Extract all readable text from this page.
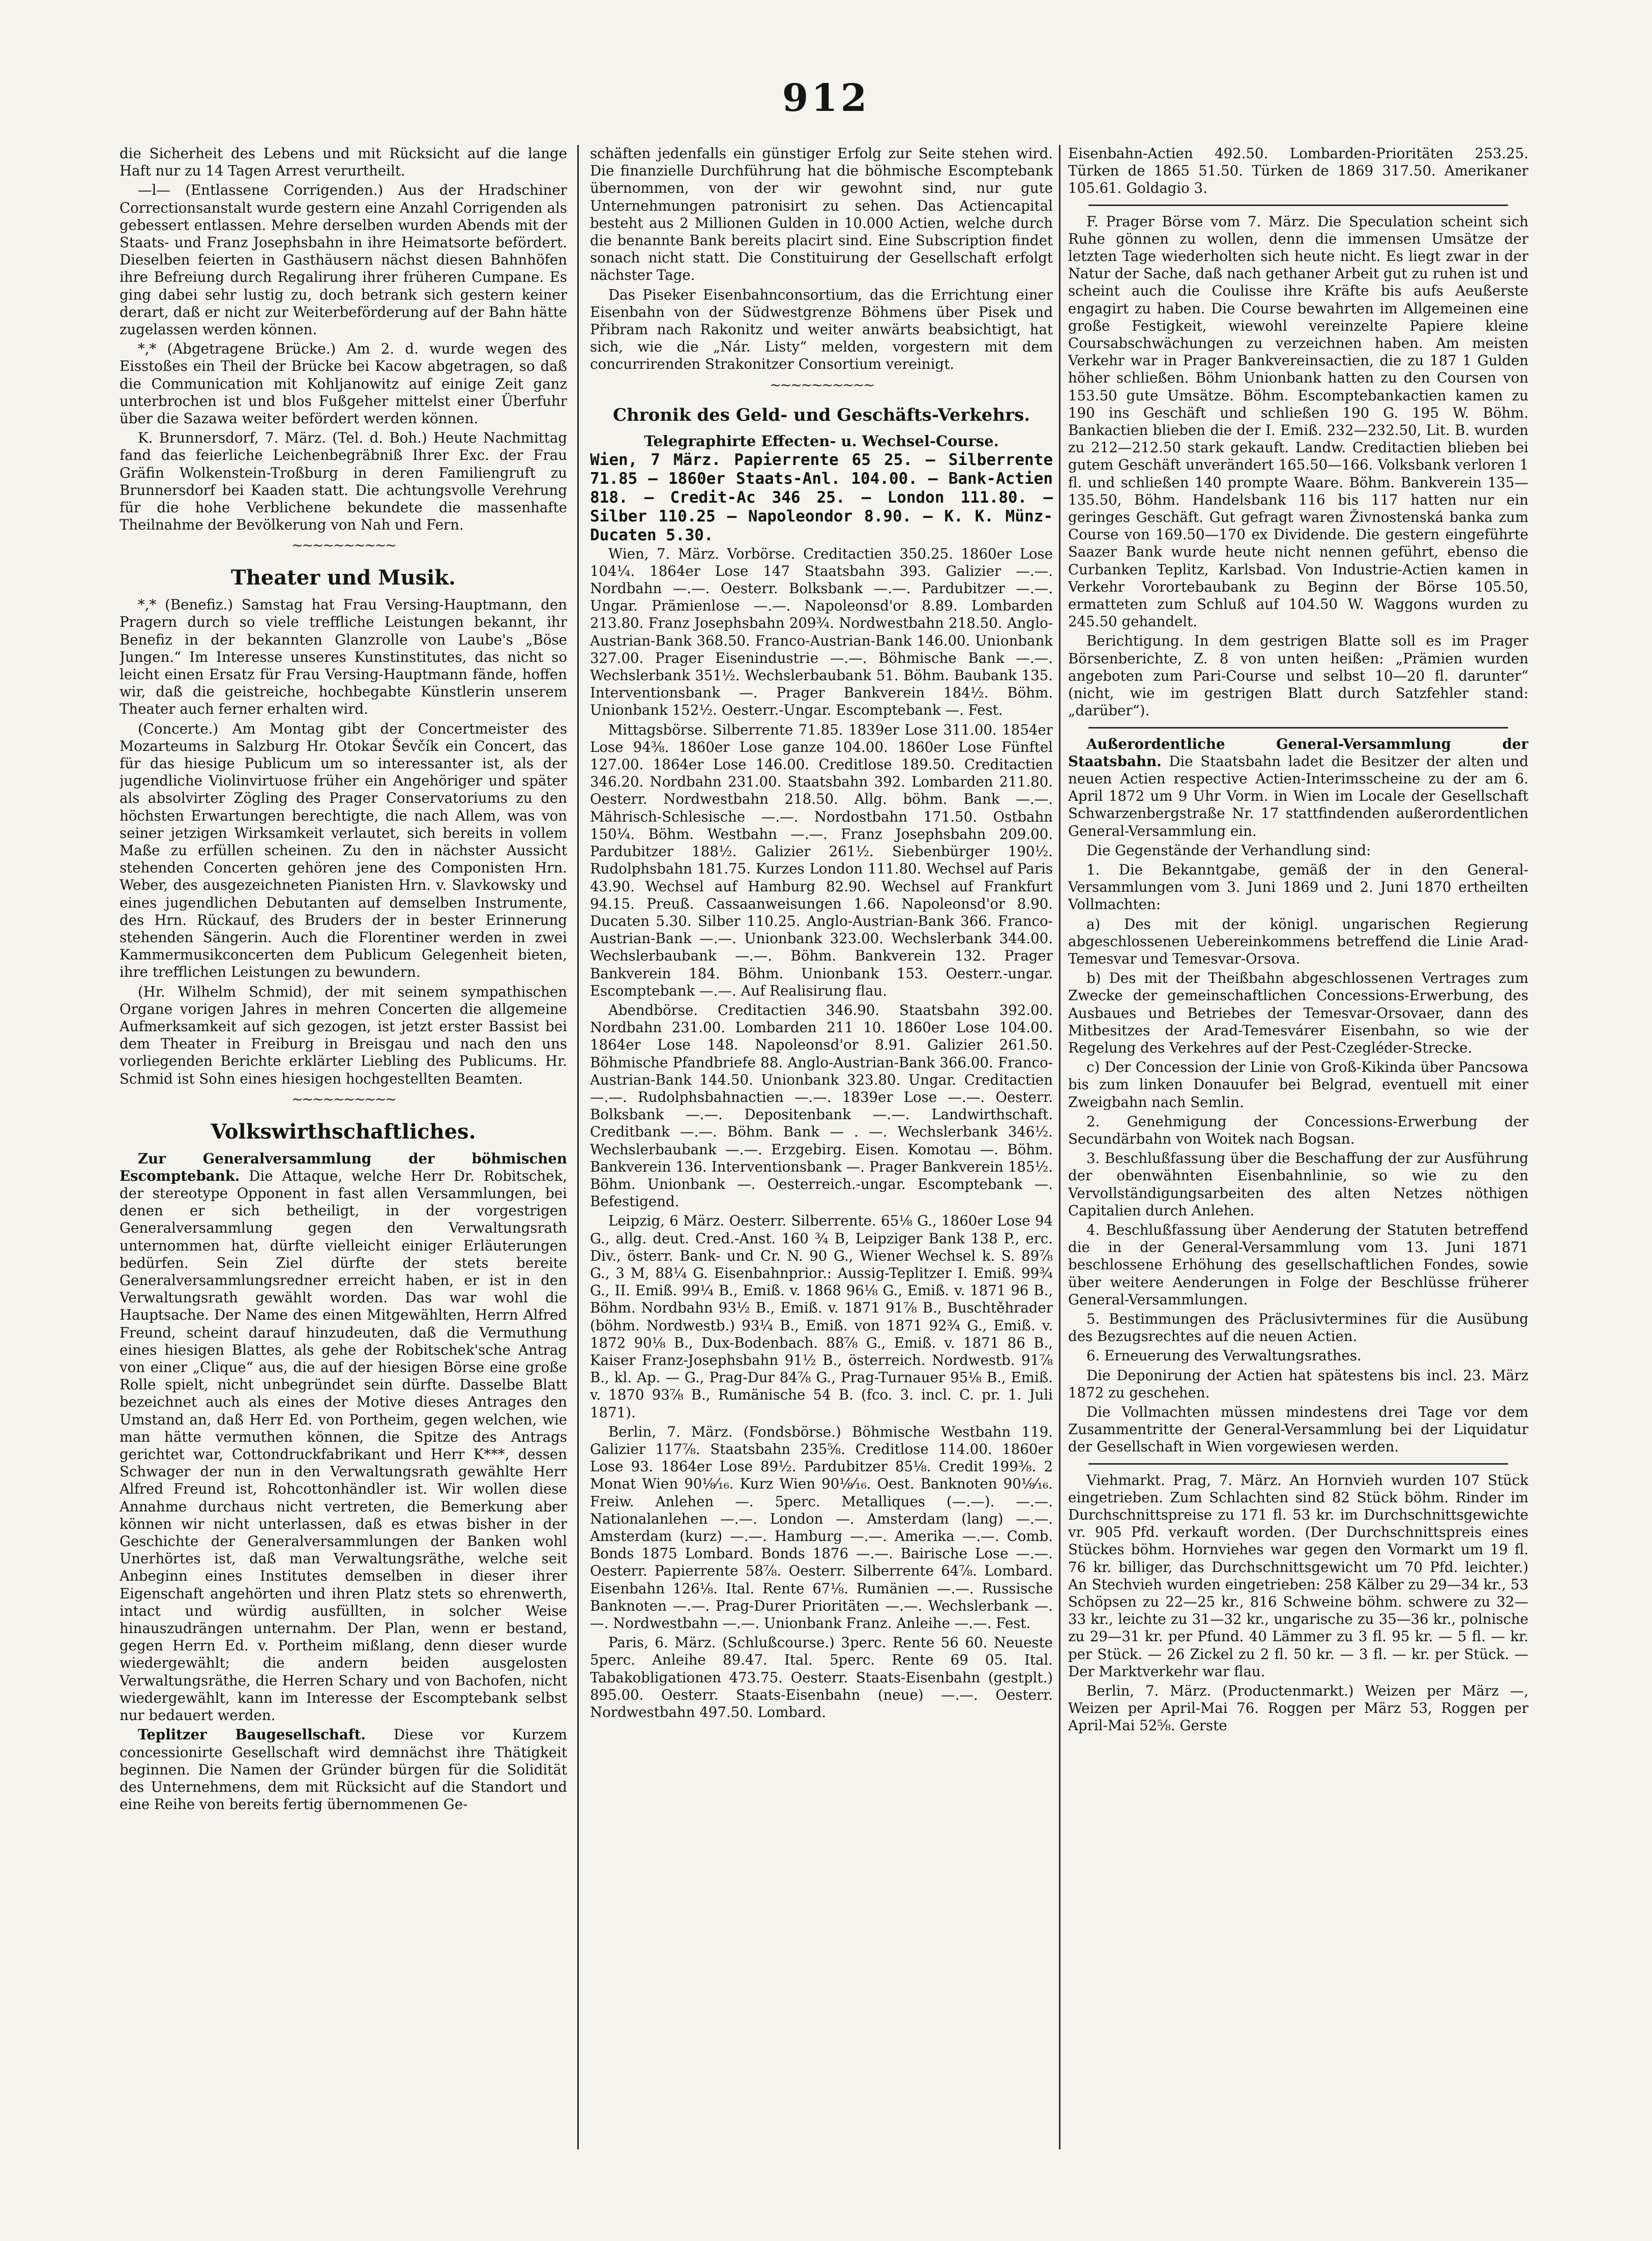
912

die Sicherheit des Lebens und mit Rücksicht auf die lange Haft nur zu 14 Tagen Arrest verurtheilt.

—l— (Entlassene Corrigenden.) Aus der Hradschiner Correctionsanstalt wurde gestern eine Anzahl Corrigenden als gebessert entlassen. Mehre derselben wurden Abends mit der Staats- und Franz Josephsbahn in ihre Heimatsorte befördert. Dieselben feierten in Gasthäusern nächst diesen Bahnhöfen ihre Befreiung durch Regalirung ihrer früheren Cumpane. Es ging dabei sehr lustig zu, doch betrank sich gestern keiner derart, daß er nicht zur Weiterbeförderung auf der Bahn hätte zugelassen werden können.

*,* (Abgetragene Brücke.) Am 2. d. wurde wegen des Eisstoßes ein Theil der Brücke bei Kacow abgetragen, so daß die Communication mit Kohljanowitz auf einige Zeit ganz unterbrochen ist und blos Fußgeher mittelst einer Überfuhr über die Sazawa weiter befördert werden können.

K. Brunnersdorf, 7. März. (Tel. d. Boh.) Heute Nachmittag fand das feierliche Leichenbegräbniß Ihrer Exc. der Frau Gräfin Wolkenstein-Troßburg in deren Familiengruft zu Brunnersdorf bei Kaaden statt. Die achtungsvolle Verehrung für die hohe Verblichene bekundete die massenhafte Theilnahme der Bevölkerung von Nah und Fern.

~~~~~~~~~~
Theater und Musik.

*,* (Benefiz.) Samstag hat Frau Versing-Hauptmann, den Pragern durch so viele treffliche Leistungen bekannt, ihr Benefiz in der bekannten Glanzrolle von Laube's „Böse Jungen.“ Im Interesse unseres Kunstinstitutes, das nicht so leicht einen Ersatz für Frau Versing-Hauptmann fände, hoffen wir, daß die geistreiche, hochbegabte Künstlerin unserem Theater auch ferner erhalten wird.

(Concerte.) Am Montag gibt der Concertmeister des Mozarteums in Salzburg Hr. Otokar Ševčík ein Concert, das für das hiesige Publicum um so interessanter ist, als der jugendliche Violinvirtuose früher ein Angehöriger und später als absolvirter Zögling des Prager Conservatoriums zu den höchsten Erwartungen berechtigte, die nach Allem, was von seiner jetzigen Wirksamkeit verlautet, sich bereits in vollem Maße zu erfüllen scheinen. Zu den in nächster Aussicht stehenden Concerten gehören jene des Componisten Hrn. Weber, des ausgezeichneten Pianisten Hrn. v. Slavkowsky und eines jugendlichen Debutanten auf demselben Instrumente, des Hrn. Rückauf, des Bruders der in bester Erinnerung stehenden Sängerin. Auch die Florentiner werden in zwei Kammermusikconcerten dem Publicum Gelegenheit bieten, ihre trefflichen Leistungen zu bewundern.

(Hr. Wilhelm Schmid), der mit seinem sympathischen Organe vorigen Jahres in mehren Concerten die allgemeine Aufmerksamkeit auf sich gezogen, ist jetzt erster Bassist bei dem Theater in Freiburg in Breisgau und nach den uns vorliegenden Berichte erklärter Liebling des Publicums. Hr. Schmid ist Sohn eines hiesigen hochgestellten Beamten.

~~~~~~~~~~
Volkswirthschaftliches.

Zur Generalversammlung der böhmischen Escomptebank. Die Attaque, welche Herr Dr. Robitschek, der stereotype Opponent in fast allen Versammlungen, bei denen er sich betheiligt, in der vorgestrigen Generalversammlung gegen den Verwaltungsrath unternommen hat, dürfte vielleicht einiger Erläuterungen bedürfen. Sein Ziel dürfte der stets bereite Generalversammlungsredner erreicht haben, er ist in den Verwaltungsrath gewählt worden. Das war wohl die Hauptsache. Der Name des einen Mitgewählten, Herrn Alfred Freund, scheint darauf hinzudeuten, daß die Vermuthung eines hiesigen Blattes, als gehe der Robitschek'sche Antrag von einer „Clique“ aus, die auf der hiesigen Börse eine große Rolle spielt, nicht unbegründet sein dürfte. Dasselbe Blatt bezeichnet auch als eines der Motive dieses Antrages den Umstand an, daß Herr Ed. von Portheim, gegen welchen, wie man hätte vermuthen können, die Spitze des Antrags gerichtet war, Cottondruckfabrikant und Herr K***, dessen Schwager der nun in den Verwaltungsrath gewählte Herr Alfred Freund ist, Rohcottonhändler ist. Wir wollen diese Annahme durchaus nicht vertreten, die Bemerkung aber können wir nicht unterlassen, daß es etwas bisher in der Geschichte der Generalversammlungen der Banken wohl Unerhörtes ist, daß man Verwaltungsräthe, welche seit Anbeginn eines Institutes demselben in dieser ihrer Eigenschaft angehörten und ihren Platz stets so ehrenwerth, intact und würdig ausfüllten, in solcher Weise hinauszudrängen unternahm. Der Plan, wenn er bestand, gegen Herrn Ed. v. Portheim mißlang, denn dieser wurde wiedergewählt; die andern beiden ausgelosten Verwaltungsräthe, die Herren Schary und von Bachofen, nicht wiedergewählt, kann im Interesse der Escomptebank selbst nur bedauert werden.

Teplitzer Baugesellschaft. Diese vor Kurzem concessionirte Gesellschaft wird demnächst ihre Thätigkeit beginnen. Die Namen der Gründer bürgen für die Solidität des Unternehmens, dem mit Rücksicht auf die Standort und eine Reihe von bereits fertig übernommenen Ge-

schäften jedenfalls ein günstiger Erfolg zur Seite stehen wird. Die finanzielle Durchführung hat die böhmische Escomptebank übernommen, von der wir gewohnt sind, nur gute Unternehmungen patronisirt zu sehen. Das Actiencapital besteht aus 2 Millionen Gulden in 10.000 Actien, welche durch die benannte Bank bereits placirt sind. Eine Subscription findet sonach nicht statt. Die Constituirung der Gesellschaft erfolgt nächster Tage.

Das Piseker Eisenbahnconsortium, das die Errichtung einer Eisenbahn von der Südwestgrenze Böhmens über Pisek und Přibram nach Rakonitz und weiter anwärts beabsichtigt, hat sich, wie die „Nár. Listy“ melden, vorgestern mit dem concurrirenden Strakonitzer Consortium vereinigt.

~~~~~~~~~~
Chronik des Geld- und Geschäfts-Verkehrs.
Telegraphirte Effecten- u. Wechsel-Course.
Wien, 7 März. Papierrente 65 25. — Silberrente 71.85 — 1860er Staats-Anl. 104.00. — Bank-Actien 818. — Credit-Ac 346 25. — London 111.80. — Silber 110.25 — Napoleondor 8.90. — K. K. Münz-Ducaten 5.30.

Wien, 7. März. Vorbörse. Creditactien 350.25. 1860er Lose 104¼. 1864er Lose 147 Staatsbahn 393. Galizier —.—. Nordbahn —.—. Oesterr. Bolksbank —.—. Pardubitzer —.—. Ungar. Prämienlose —.—. Napoleonsd'or 8.89. Lombarden 213.80. Franz Josephsbahn 209¾. Nordwestbahn 218.50. Anglo-Austrian-Bank 368.50. Franco-Austrian-Bank 146.00. Unionbank 327.00. Prager Eisenindustrie —.—. Böhmische Bank —.—. Wechslerbank 351½. Wechslerbaubank 51. Böhm. Baubank 135. Interventionsbank —. Prager Bankverein 184½. Böhm. Unionbank 152½. Oesterr.-Ungar. Escomptebank —. Fest.

Mittagsbörse. Silberrente 71.85. 1839er Lose 311.00. 1854er Lose 94⅜. 1860er Lose ganze 104.00. 1860er Lose Fünftel 127.00. 1864er Lose 146.00. Creditlose 189.50. Creditactien 346.20. Nordbahn 231.00. Staatsbahn 392. Lombarden 211.80. Oesterr. Nordwestbahn 218.50. Allg. böhm. Bank —.—. Mährisch-Schlesische —.—. Nordostbahn 171.50. Ostbahn 150¼. Böhm. Westbahn —.—. Franz Josephsbahn 209.00. Pardubitzer 188½. Galizier 261½. Siebenbürger 190½. Rudolphsbahn 181.75. Kurzes London 111.80. Wechsel auf Paris 43.90. Wechsel auf Hamburg 82.90. Wechsel auf Frankfurt 94.15. Preuß. Cassaanweisungen 1.66. Napoleonsd'or 8.90. Ducaten 5.30. Silber 110.25. Anglo-Austrian-Bank 366. Franco-Austrian-Bank —.—. Unionbank 323.00. Wechslerbank 344.00. Wechslerbaubank —.—. Böhm. Bankverein 132. Prager Bankverein 184. Böhm. Unionbank 153. Oesterr.-ungar. Escomptebank —.—. Auf Realisirung flau.

Abendbörse. Creditactien 346.90. Staatsbahn 392.00. Nordbahn 231.00. Lombarden 211 10. 1860er Lose 104.00. 1864er Lose 148. Napoleonsd'or 8.91. Galizier 261.50. Böhmische Pfandbriefe 88. Anglo-Austrian-Bank 366.00. Franco-Austrian-Bank 144.50. Unionbank 323.80. Ungar. Creditactien —.—. Rudolphsbahnactien —.—. 1839er Lose —.—. Oesterr. Bolksbank —.—. Depositenbank —.—. Landwirthschaft. Creditbank —.—. Böhm. Bank — . —. Wechslerbank 346½. Wechslerbaubank —.—. Erzgebirg. Eisen. Komotau —. Böhm. Bankverein 136. Interventionsbank —. Prager Bankverein 185½. Böhm. Unionbank —. Oesterreich.-ungar. Escomptebank —. Befestigend.

Leipzig, 6 März. Oesterr. Silberrente. 65⅛ G., 1860er Lose 94 G., allg. deut. Cred.-Anst. 160 ¾ B, Leipziger Bank 138 P., erc. Div., österr. Bank- und Cr. N. 90 G., Wiener Wechsel k. S. 89⅞ G., 3 M, 88¼ G. Eisenbahnprior.: Aussig-Teplitzer I. Emiß. 99¾ G., II. Emiß. 99¼ B., Emiß. v. 1868 96⅛ G., Emiß. v. 1871 96 B., Böhm. Nordbahn 93½ B., Emiß. v. 1871 91⅞ B., Buschtěhrader (böhm. Nordwestb.) 93¼ B., Emiß. von 1871 92¾ G., Emiß. v. 1872 90⅛ B., Dux-Bodenbach. 88⅞ G., Emiß. v. 1871 86 B., Kaiser Franz-Josephsbahn 91½ B., österreich. Nordwestb. 91⅞ B., kl. Ap. — G., Prag-Dur 84⅞ G., Prag-Turnauer 95⅛ B., Emiß. v. 1870 93⅞ B., Rumänische 54 B. (fco. 3. incl. C. pr. 1. Juli 1871).

Berlin, 7. März. (Fondsbörse.) Böhmische Westbahn 119. Galizier 117⅞. Staatsbahn 235⅝. Creditlose 114.00. 1860er Lose 93. 1864er Lose 89½. Pardubitzer 85⅛. Credit 199⅜. 2 Monat Wien 90⅛⁄₁₆. Kurz Wien 90⅛⁄₁₆. Oest. Banknoten 90⅛⁄₁₆. Freiw. Anlehen —. 5perc. Metalliques (—.—). —.—. Nationalanlehen —.—. London —. Amsterdam (lang) —.—. Amsterdam (kurz) —.—. Hamburg —.—. Amerika —.—. Comb. Bonds 1875 Lombard. Bonds 1876 —.—. Bairische Lose —.—. Oesterr. Papierrente 58⅞. Oesterr. Silberrente 64⅞. Lombard. Eisenbahn 126⅛. Ital. Rente 67⅛. Rumänien —.—. Russische Banknoten —.—. Prag-Durer Prioritäten —.—. Wechslerbank —.—. Nordwestbahn —.—. Unionbank Franz. Anleihe —.—. Fest.

Paris, 6. März. (Schlußcourse.) 3perc. Rente 56 60. Neueste 5perc. Anleihe 89.47. Ital. 5perc. Rente 69 05. Ital. Tabakobligationen 473.75. Oesterr. Staats-Eisenbahn (gestplt.) 895.00. Oesterr. Staats-Eisenbahn (neue) —.—. Oesterr. Nordwestbahn 497.50. Lombard.

Eisenbahn-Actien 492.50. Lombarden-Prioritäten 253.25. Türken de 1865 51.50. Türken de 1869 317.50. Amerikaner 105.61. Goldagio 3.

F. Prager Börse vom 7. März. Die Speculation scheint sich Ruhe gönnen zu wollen, denn die immensen Umsätze der letzten Tage wiederholten sich heute nicht. Es liegt zwar in der Natur der Sache, daß nach gethaner Arbeit gut zu ruhen ist und scheint auch die Coulisse ihre Kräfte bis aufs Aeußerste engagirt zu haben. Die Course bewahrten im Allgemeinen eine große Festigkeit, wiewohl vereinzelte Papiere kleine Coursabschwächungen zu verzeichnen haben. Am meisten Verkehr war in Prager Bankvereinsactien, die zu 187 1 Gulden höher schließen. Böhm Unionbank hatten zu den Coursen von 153.50 gute Umsätze. Böhm. Escomptebankactien kamen zu 190 ins Geschäft und schließen 190 G. 195 W. Böhm. Bankactien blieben die der I. Emiß. 232—232.50, Lit. B. wurden zu 212—212.50 stark gekauft. Landw. Creditactien blieben bei gutem Geschäft unverändert 165.50—166. Volksbank verloren 1 fl. und schließen 140 prompte Waare. Böhm. Bankverein 135—135.50, Böhm. Handelsbank 116 bis 117 hatten nur ein geringes Geschäft. Gut gefragt waren Živnostenská banka zum Course von 169.50—170 ex Dividende. Die gestern eingeführte Saazer Bank wurde heute nicht nennen geführt, ebenso die Curbanken Teplitz, Karlsbad. Von Industrie-Actien kamen in Verkehr Vorortebaubank zu Beginn der Börse 105.50, ermatteten zum Schluß auf 104.50 W. Waggons wurden zu 245.50 gehandelt.

Berichtigung. In dem gestrigen Blatte soll es im Prager Börsenberichte, Z. 8 von unten heißen: „Prämien wurden angeboten zum Pari-Course und selbst 10—20 fl. darunter“ (nicht, wie im gestrigen Blatt durch Satzfehler stand: „darüber“).

Außerordentliche General-Versammlung der Staatsbahn. Die Staatsbahn ladet die Besitzer der alten und neuen Actien respective Actien-Interimsscheine zu der am 6. April 1872 um 9 Uhr Vorm. in Wien im Locale der Gesellschaft Schwarzenbergstraße Nr. 17 stattfindenden außerordentlichen General-Versammlung ein.

Die Gegenstände der Verhandlung sind:

1. Die Bekanntgabe, gemäß der in den General-Versammlungen vom 3. Juni 1869 und 2. Juni 1870 ertheilten Vollmachten:

a) Des mit der königl. ungarischen Regierung abgeschlossenen Uebereinkommens betreffend die Linie Arad-Temesvar und Temesvar-Orsova.

b) Des mit der Theißbahn abgeschlossenen Vertrages zum Zwecke der gemeinschaftlichen Concessions-Erwerbung, des Ausbaues und Betriebes der Temesvar-Orsovaer, dann des Mitbesitzes der Arad-Temesvárer Eisenbahn, so wie der Regelung des Verkehres auf der Pest-Czegléder-Strecke.

c) Der Concession der Linie von Groß-Kikinda über Pancsowa bis zum linken Donauufer bei Belgrad, eventuell mit einer Zweigbahn nach Semlin.

2. Genehmigung der Concessions-Erwerbung der Secundärbahn von Woitek nach Bogsan.

3. Beschlußfassung über die Beschaffung der zur Ausführung der obenwähnten Eisenbahnlinie, so wie zu den Vervollständigungsarbeiten des alten Netzes nöthigen Capitalien durch Anlehen.

4. Beschlußfassung über Aenderung der Statuten betreffend die in der General-Versammlung vom 13. Juni 1871 beschlossene Erhöhung des gesellschaftlichen Fondes, sowie über weitere Aenderungen in Folge der Beschlüsse früherer General-Versammlungen.

5. Bestimmungen des Präclusivtermines für die Ausübung des Bezugsrechtes auf die neuen Actien.

6. Erneuerung des Verwaltungsrathes.

Die Deponirung der Actien hat spätestens bis incl. 23. März 1872 zu geschehen.

Die Vollmachten müssen mindestens drei Tage vor dem Zusammentritte der General-Versammlung bei der Liquidatur der Gesellschaft in Wien vorgewiesen werden.

Viehmarkt. Prag, 7. März. An Hornvieh wurden 107 Stück eingetrieben. Zum Schlachten sind 82 Stück böhm. Rinder im Durchschnittspreise zu 171 fl. 53 kr. im Durchschnittsgewichte vr. 905 Pfd. verkauft worden. (Der Durchschnittspreis eines Stückes böhm. Hornviehes war gegen den Vormarkt um 19 fl. 76 kr. billiger, das Durchschnittsgewicht um 70 Pfd. leichter.) An Stechvieh wurden eingetrieben: 258 Kälber zu 29—34 kr., 53 Schöpsen zu 22—25 kr., 816 Schweine böhm. schwere zu 32—33 kr., leichte zu 31—32 kr., ungarische zu 35—36 kr., polnische zu 29—31 kr. per Pfund. 40 Lämmer zu 3 fl. 95 kr. — 5 fl. — kr. per Stück. — 26 Zickel zu 2 fl. 50 kr. — 3 fl. — kr. per Stück. — Der Marktverkehr war flau.

Berlin, 7. März. (Productenmarkt.) Weizen per März —, Weizen per April-Mai 76. Roggen per März 53, Roggen per April-Mai 52⅝. Gerste
